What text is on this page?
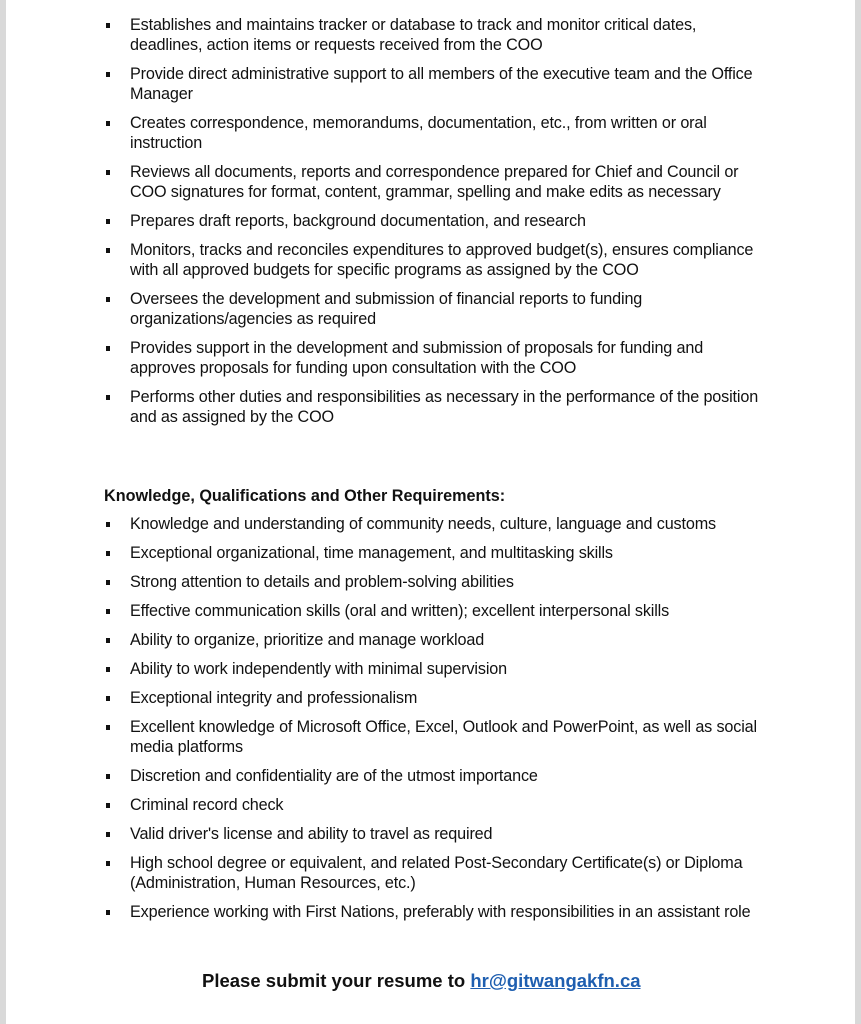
Establishes and maintains tracker or database to track and monitor critical dates, deadlines, action items or requests received from the COO
Provide direct administrative support to all members of the executive team and the Office Manager
Creates correspondence, memorandums, documentation, etc., from written or oral instruction
Reviews all documents, reports and correspondence prepared for Chief and Council or COO signatures for format, content, grammar, spelling and make edits as necessary
Prepares draft reports, background documentation, and research
Monitors, tracks and reconciles expenditures to approved budget(s), ensures compliance with all approved budgets for specific programs as assigned by the COO
Oversees the development and submission of financial reports to funding organizations/agencies as required
Provides support in the development and submission of proposals for funding and approves proposals for funding upon consultation with the COO
Performs other duties and responsibilities as necessary in the performance of the position and as assigned by the COO
Knowledge, Qualifications and Other Requirements:
Knowledge and understanding of community needs, culture, language and customs
Exceptional organizational, time management, and multitasking skills
Strong attention to details and problem-solving abilities
Effective communication skills (oral and written); excellent interpersonal skills
Ability to organize, prioritize and manage workload
Ability to work independently with minimal supervision
Exceptional integrity and professionalism
Excellent knowledge of Microsoft Office, Excel, Outlook and PowerPoint, as well as social media platforms
Discretion and confidentiality are of the utmost importance
Criminal record check
Valid driver's license and ability to travel as required
High school degree or equivalent, and related Post-Secondary Certificate(s) or Diploma (Administration, Human Resources, etc.)
Experience working with First Nations, preferably with responsibilities in an assistant role
Please submit your resume to hr@gitwangakfn.ca
